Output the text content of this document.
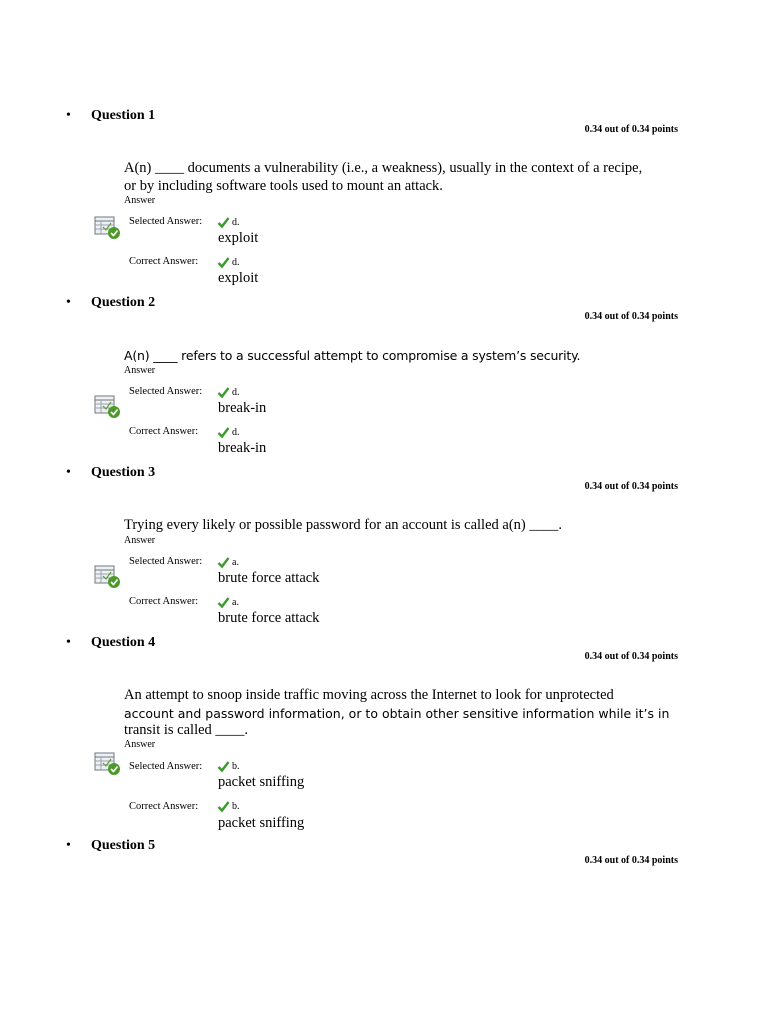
• Question 1
0.34 out of 0.34 points
A(n) ____ documents a vulnerability (i.e., a weakness), usually in the context of a recipe,
or by including software tools used to mount an attack.
Answer
Selected Answer:	d.
exploit
Correct Answer:	d.
exploit
• Question 2
0.34 out of 0.34 points
A(n) ____ refers to a successful attempt to compromise a system’s security.
Answer
Selected Answer:	d.
break-in
Correct Answer:	d.
break-in
• Question 3
0.34 out of 0.34 points
Trying every likely or possible password for an account is called a(n) ____.
Answer
Selected Answer:	a.
brute force attack
Correct Answer:	a.
brute force attack
• Question 4
0.34 out of 0.34 points
An attempt to snoop inside traffic moving across the Internet to look for unprotected
account and password information, or to obtain other sensitive information while it’s in
transit is called ____.
Answer
Selected Answer:	b.
packet sniffing
Correct Answer:	b.
packet sniffing
• Question 5
0.34 out of 0.34 points
